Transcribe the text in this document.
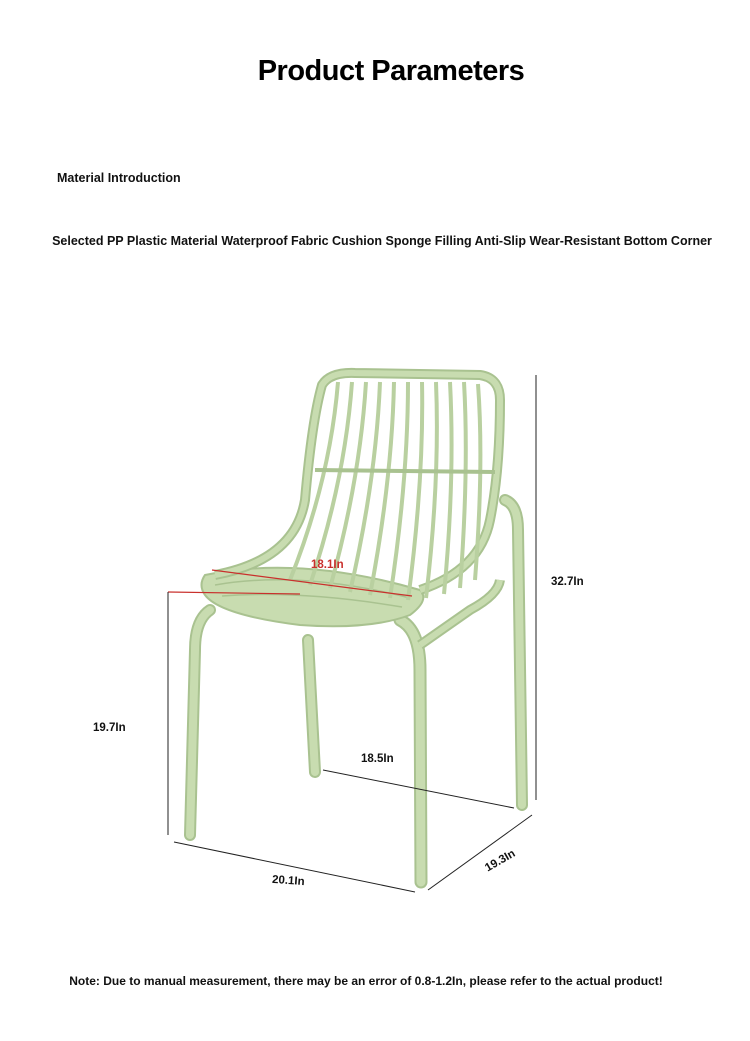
Product Parameters
Material Introduction
Selected PP Plastic Material Waterproof Fabric Cushion Sponge Filling Anti-Slip Wear-Resistant Bottom Corner
18.1In
32.7In
19.7In
18.5In
20.1In
19.3In
Note: Due to manual measurement, there may be an error of 0.8-1.2In, please refer to the actual product!
